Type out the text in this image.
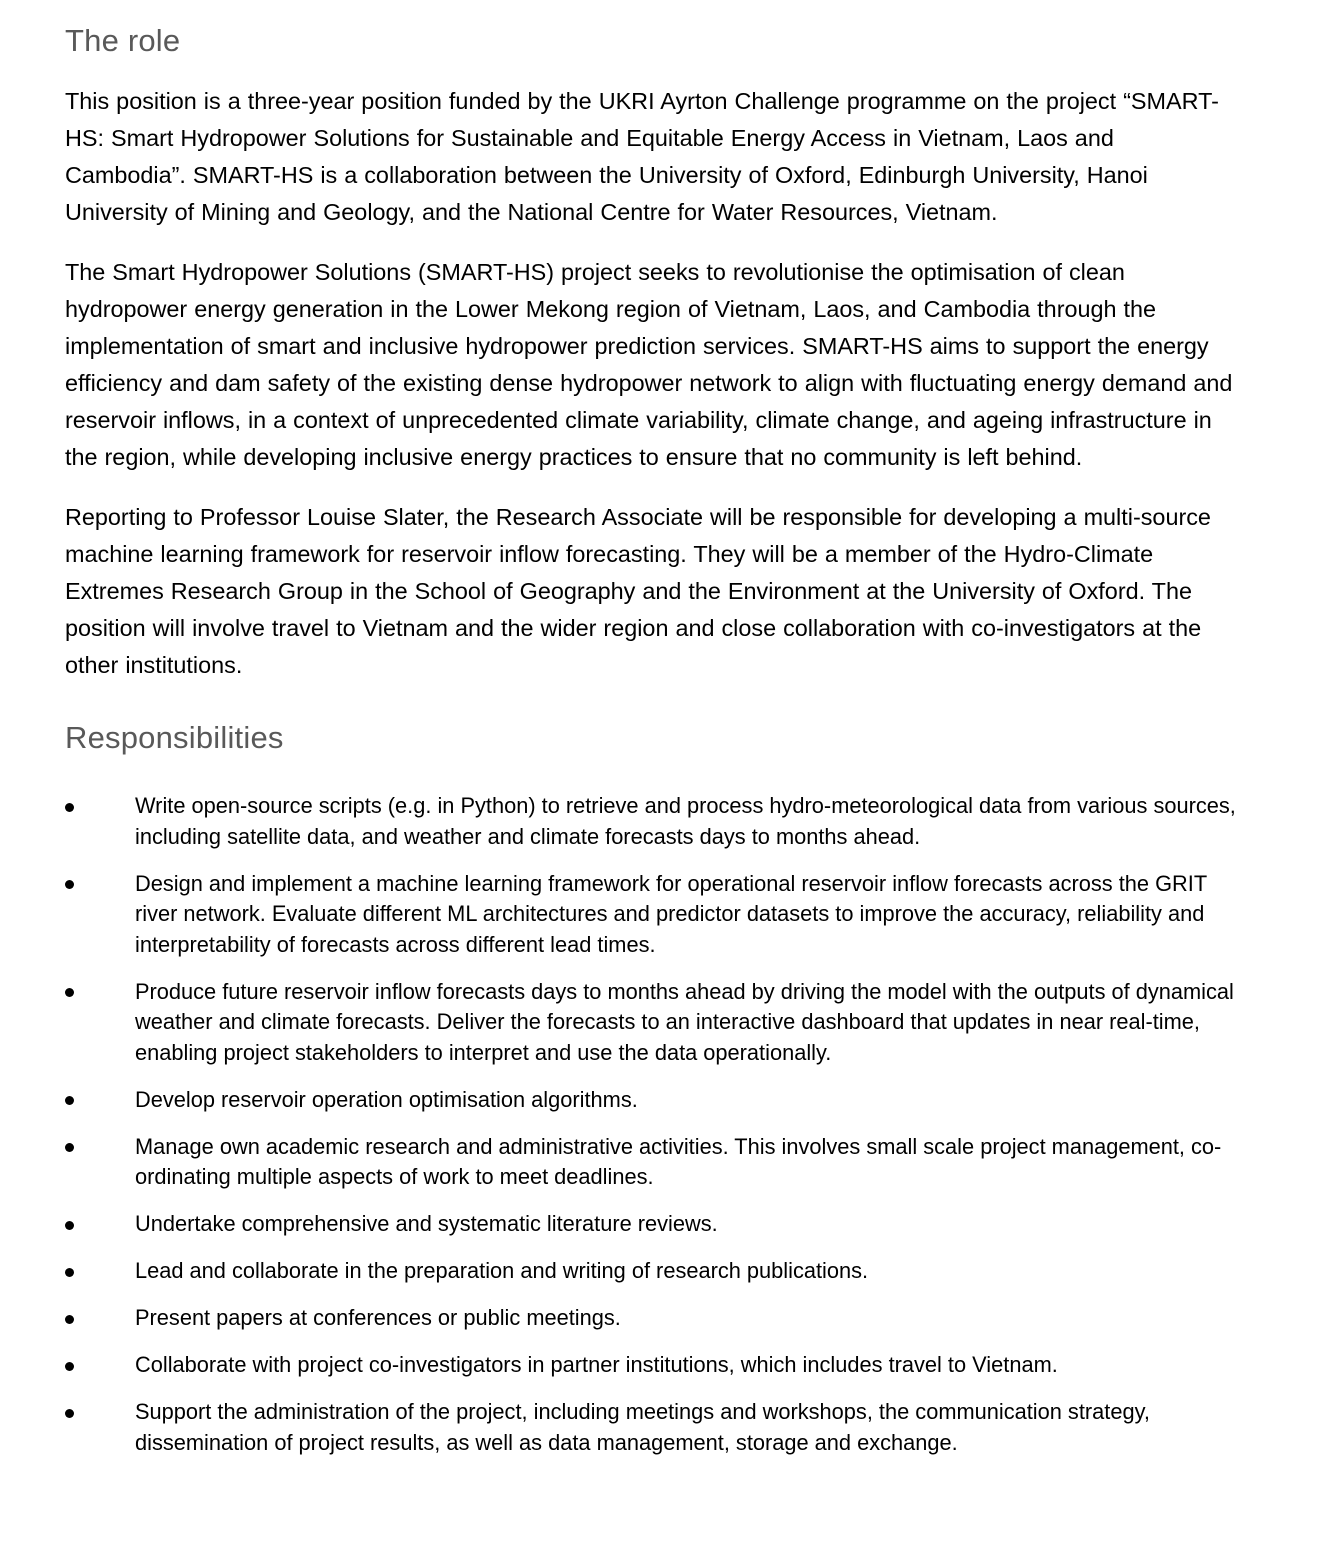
The role

This position is a three-year position funded by the UKRI Ayrton Challenge programme on the project “SMART-HS: Smart Hydropower Solutions for Sustainable and Equitable Energy Access in Vietnam, Laos and Cambodia”. SMART-HS is a collaboration between the University of Oxford, Edinburgh University, Hanoi University of Mining and Geology, and the National Centre for Water Resources, Vietnam.

The Smart Hydropower Solutions (SMART-HS) project seeks to revolutionise the optimisation of clean hydropower energy generation in the Lower Mekong region of Vietnam, Laos, and Cambodia through the implementation of smart and inclusive hydropower prediction services. SMART-HS aims to support the energy efficiency and dam safety of the existing dense hydropower network to align with fluctuating energy demand and reservoir inflows, in a context of unprecedented climate variability, climate change, and ageing infrastructure in the region, while developing inclusive energy practices to ensure that no community is left behind.

Reporting to Professor Louise Slater, the Research Associate will be responsible for developing a multi-source machine learning framework for reservoir inflow forecasting. They will be a member of the Hydro-Climate Extremes Research Group in the School of Geography and the Environment at the University of Oxford. The position will involve travel to Vietnam and the wider region and close collaboration with co-investigators at the other institutions.

Responsibilities
Write open-source scripts (e.g. in Python) to retrieve and process hydro-meteorological data from various sources, including satellite data, and weather and climate forecasts days to months ahead.
Design and implement a machine learning framework for operational reservoir inflow forecasts across the GRIT river network. Evaluate different ML architectures and predictor datasets to improve the accuracy, reliability and interpretability of forecasts across different lead times.
Produce future reservoir inflow forecasts days to months ahead by driving the model with the outputs of dynamical weather and climate forecasts. Deliver the forecasts to an interactive dashboard that updates in near real-time, enabling project stakeholders to interpret and use the data operationally.
Develop reservoir operation optimisation algorithms.
Manage own academic research and administrative activities. This involves small scale project management, co-ordinating multiple aspects of work to meet deadlines.
Undertake comprehensive and systematic literature reviews.
Lead and collaborate in the preparation and writing of research publications.
Present papers at conferences or public meetings.
Collaborate with project co-investigators in partner institutions, which includes travel to Vietnam.
Support the administration of the project, including meetings and workshops, the communication strategy, dissemination of project results, as well as data management, storage and exchange.
